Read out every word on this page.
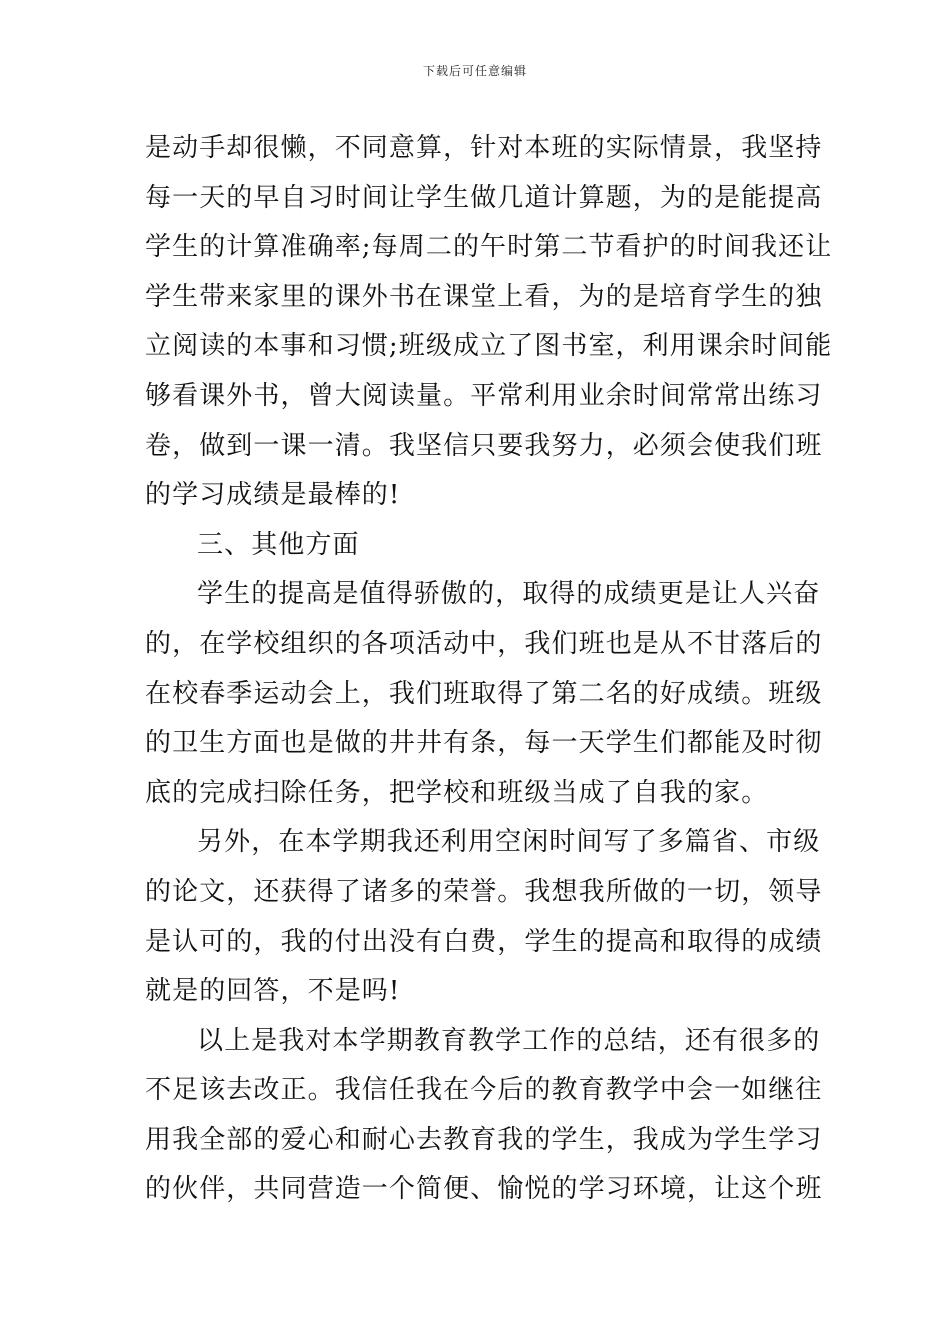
下载后可任意编辑
是动手却很懒，不同意算，针对本班的实际情景，我坚持
每一天的早自习时间让学生做几道计算题，为的是能提高
学生的计算准确率;每周二的午时第二节看护的时间我还让
学生带来家里的课外书在课堂上看，为的是培育学生的独
立阅读的本事和习惯;班级成立了图书室，利用课余时间能
够看课外书，曾大阅读量。平常利用业余时间常常出练习
卷，做到一课一清。我坚信只要我努力，必须会使我们班
的学习成绩是最棒的!
三、其他方面
学生的提高是值得骄傲的，取得的成绩更是让人兴奋
的，在学校组织的各项活动中，我们班也是从不甘落后的
在校春季运动会上，我们班取得了第二名的好成绩。班级
的卫生方面也是做的井井有条，每一天学生们都能及时彻
底的完成扫除任务，把学校和班级当成了自我的家。
另外，在本学期我还利用空闲时间写了多篇省、市级
的论文，还获得了诸多的荣誉。我想我所做的一切，领导
是认可的，我的付出没有白费，学生的提高和取得的成绩
就是的回答，不是吗!
以上是我对本学期教育教学工作的总结，还有很多的
不足该去改正。我信任我在今后的教育教学中会一如继往
用我全部的爱心和耐心去教育我的学生，我成为学生学习
的伙伴，共同营造一个简便、愉悦的学习环境，让这个班
